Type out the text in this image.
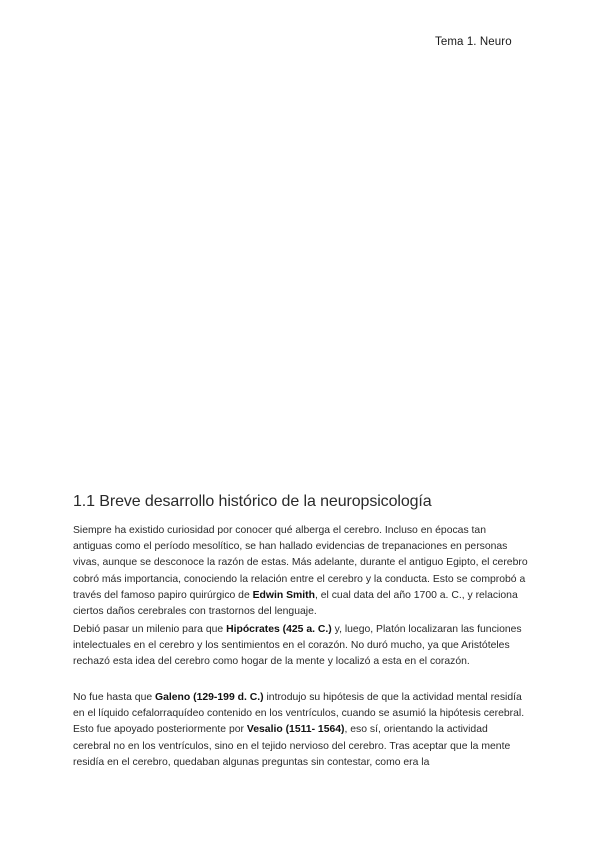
Tema 1. Neuro
1.1 Breve desarrollo histórico de la neuropsicología

Siempre ha existido curiosidad por conocer qué alberga el cerebro. Incluso en épocas tan antiguas como el período mesolítico, se han hallado evidencias de trepanaciones en personas vivas, aunque se desconoce la razón de estas. Más adelante, durante el antiguo Egipto, el cerebro cobró más importancia, conociendo la relación entre el cerebro y la conducta. Esto se comprobó a través del famoso papiro quirúrgico de Edwin Smith, el cual data del año 1700 a. C., y relaciona ciertos daños cerebrales con trastornos del lenguaje.

Debió pasar un milenio para que Hipócrates (425 a. C.) y, luego, Platón localizaran las funciones intelectuales en el cerebro y los sentimientos en el corazón. No duró mucho, ya que Aristóteles rechazó esta idea del cerebro como hogar de la mente y localizó a esta en el corazón.

No fue hasta que Galeno (129-199 d. C.) introdujo su hipótesis de que la actividad mental residía en el líquido cefalorraquídeo contenido en los ventrículos, cuando se asumió la hipótesis cerebral. Esto fue apoyado posteriormente por Vesalio (1511- 1564), eso sí, orientando la actividad cerebral no en los ventrículos, sino en el tejido nervioso del cerebro. Tras aceptar que la mente residía en el cerebro, quedaban algunas preguntas sin contestar, como era la
